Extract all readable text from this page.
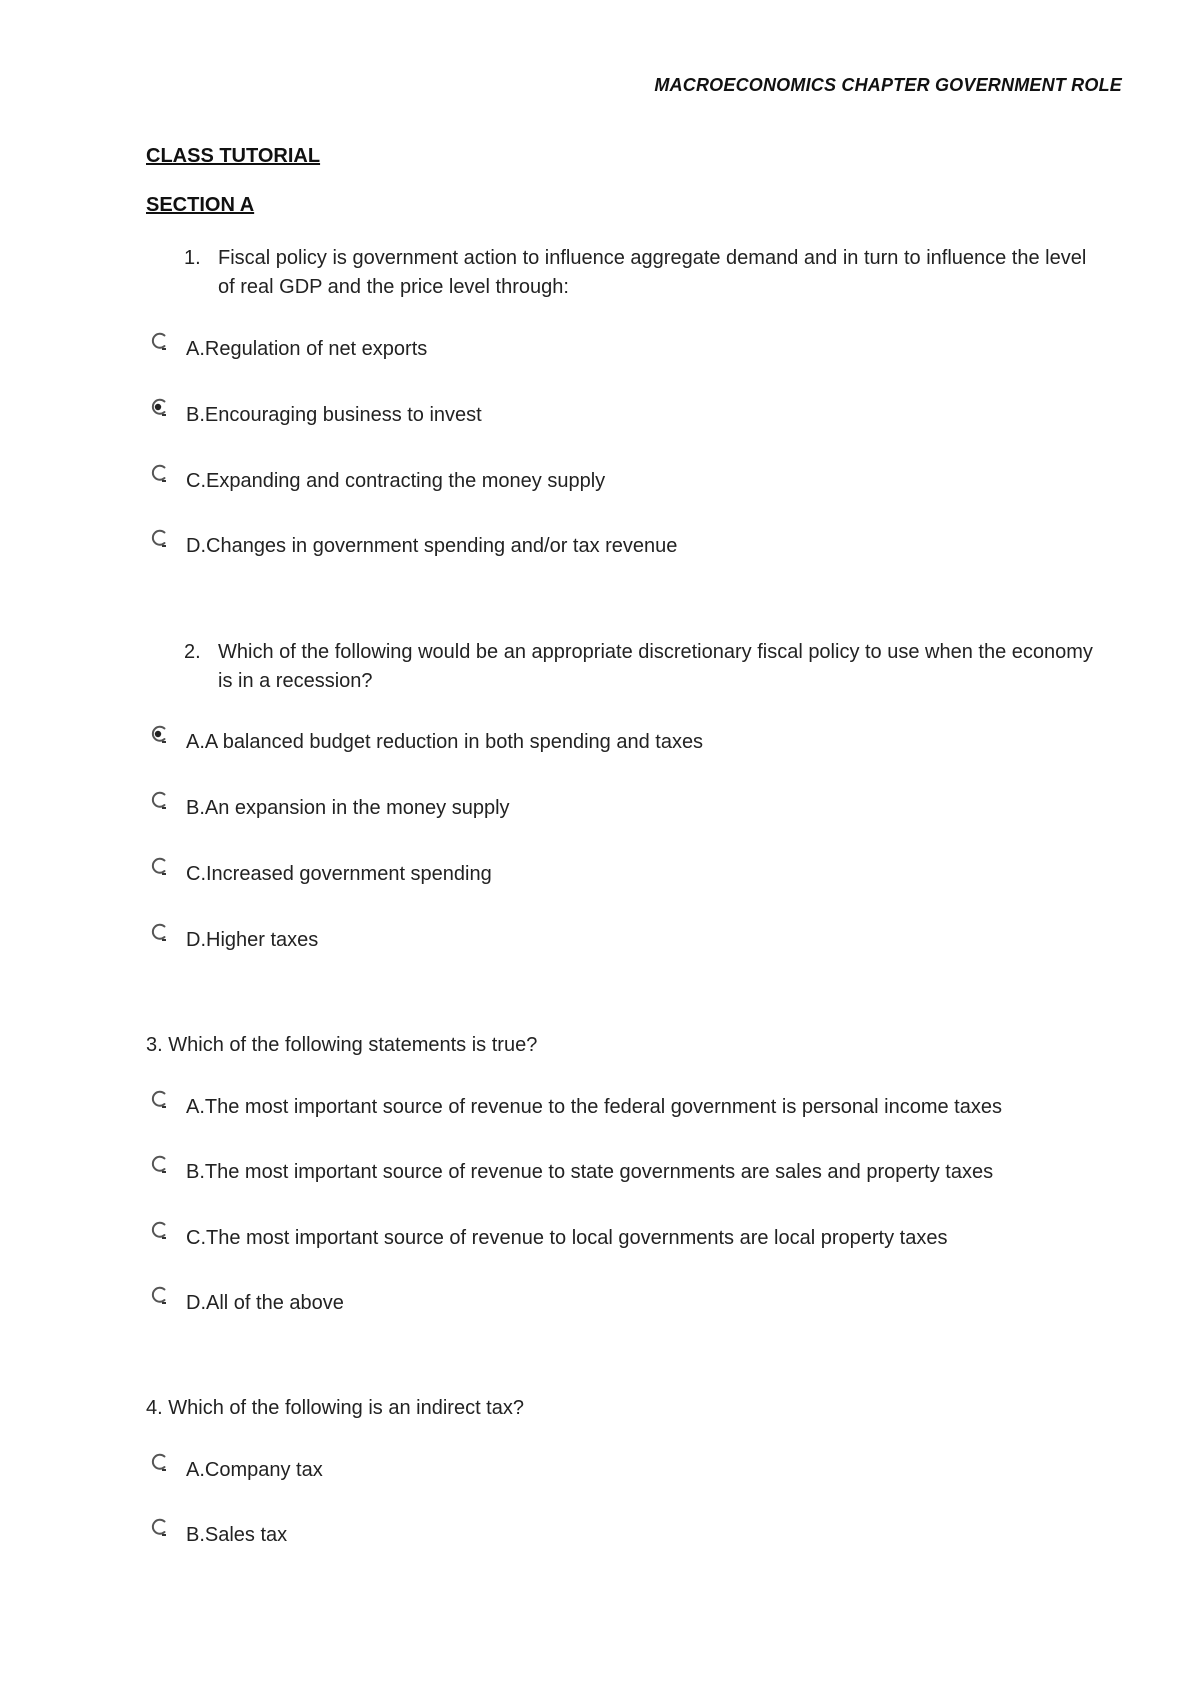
MACROECONOMICS CHAPTER GOVERNMENT ROLE
CLASS TUTORIAL
SECTION A
1. Fiscal policy is government action to influence aggregate demand and in turn to influence the level of real GDP and the price level through:
A.Regulation of net exports
B.Encouraging business to invest
C.Expanding and contracting the money supply
D.Changes in government spending and/or tax revenue
2. Which of the following would be an appropriate discretionary fiscal policy to use when the economy is in a recession?
A.A balanced budget reduction in both spending and taxes
B.An expansion in the money supply
C.Increased government spending
D.Higher taxes
3. Which of the following statements is true?
A.The most important source of revenue to the federal government is personal income taxes
B.The most important source of revenue to state governments are sales and property taxes
C.The most important source of revenue to local governments are local property taxes
D.All of the above
4. Which of the following is an indirect tax?
A.Company tax
B.Sales tax
